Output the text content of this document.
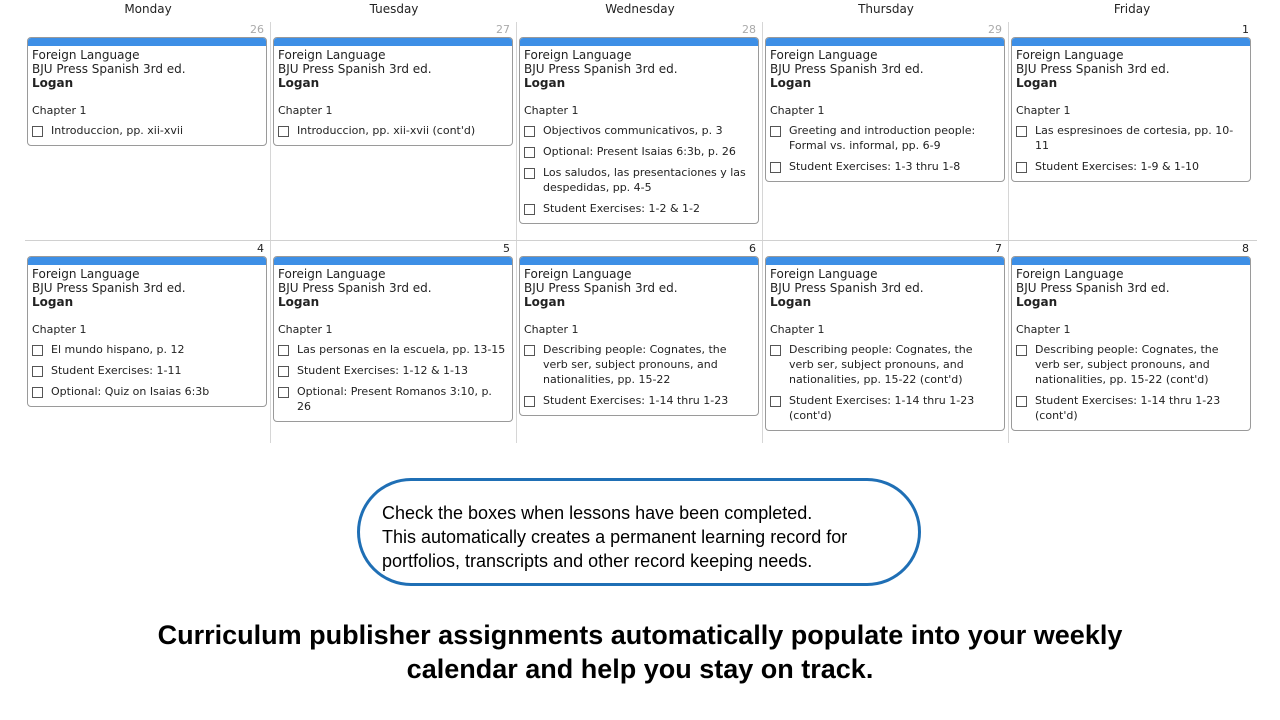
Monday	Tuesday	Wednesday	Thursday	Friday
26
Foreign Language
BJU Press Spanish 3rd ed.
Logan
Chapter 1
Introduccion, pp. xii-xvii
27
Foreign Language
BJU Press Spanish 3rd ed.
Logan
Chapter 1
Introduccion, pp. xii-xvii (cont'd)
28
Foreign Language
BJU Press Spanish 3rd ed.
Logan
Chapter 1
Objectivos communicativos, p. 3
Optional: Present Isaias 6:3b, p. 26
Los saludos, las presentaciones y las despedidas, pp. 4-5
Student Exercises: 1-2 & 1-2
29
Foreign Language
BJU Press Spanish 3rd ed.
Logan
Chapter 1
Greeting and introduction people: Formal vs. informal, pp. 6-9
Student Exercises: 1-3 thru 1-8
1
Foreign Language
BJU Press Spanish 3rd ed.
Logan
Chapter 1
Las espresinoes de cortesia, pp. 10-11
Student Exercises: 1-9 & 1-10
4
Foreign Language
BJU Press Spanish 3rd ed.
Logan
Chapter 1
El mundo hispano, p. 12
Student Exercises: 1-11
Optional: Quiz on Isaias 6:3b
5
Foreign Language
BJU Press Spanish 3rd ed.
Logan
Chapter 1
Las personas en la escuela, pp. 13-15
Student Exercises: 1-12 & 1-13
Optional: Present Romanos 3:10, p. 26
6
Foreign Language
BJU Press Spanish 3rd ed.
Logan
Chapter 1
Describing people: Cognates, the verb ser, subject pronouns, and nationalities, pp. 15-22
Student Exercises: 1-14 thru 1-23
7
Foreign Language
BJU Press Spanish 3rd ed.
Logan
Chapter 1
Describing people: Cognates, the verb ser, subject pronouns, and nationalities, pp. 15-22 (cont'd)
Student Exercises: 1-14 thru 1-23 (cont'd)
8
Foreign Language
BJU Press Spanish 3rd ed.
Logan
Chapter 1
Describing people: Cognates, the verb ser, subject pronouns, and nationalities, pp. 15-22 (cont'd)
Student Exercises: 1-14 thru 1-23 (cont'd)
Check the boxes when lessons have been completed.
This automatically creates a permanent learning record for
portfolios, transcripts and other record keeping needs.
Curriculum publisher assignments automatically populate into your weekly
calendar and help you stay on track.
